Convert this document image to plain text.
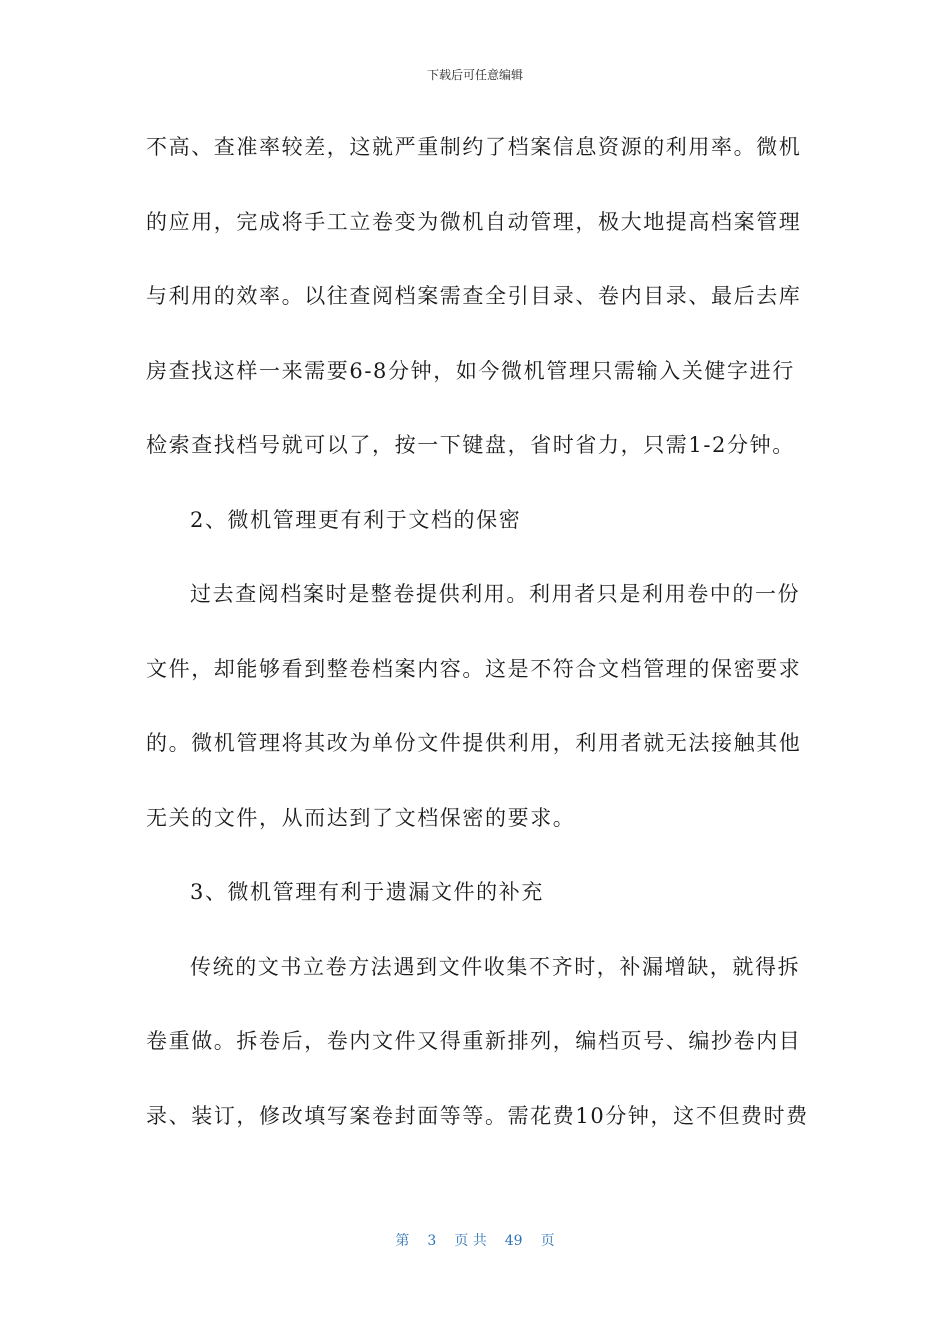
下载后可任意编辑
不高、查准率较差，这就严重制约了档案信息资源的利用率。微机
的应用，完成将手工立卷变为微机自动管理，极大地提高档案管理
与利用的效率。以往查阅档案需查全引目录、卷内目录、最后去库
房查找这样一来需要6-8分钟，如今微机管理只需输入关健字进行
检索查找档号就可以了，按一下键盘，省时省力，只需1-2分钟。
2、微机管理更有利于文档的保密
过去查阅档案时是整卷提供利用。利用者只是利用卷中的一份
文件，却能够看到整卷档案内容。这是不符合文档管理的保密要求
的。微机管理将其改为单份文件提供利用，利用者就无法接触其他
无关的文件，从而达到了文档保密的要求。
3、微机管理有利于遗漏文件的补充
传统的文书立卷方法遇到文件收集不齐时，补漏增缺，就得拆
卷重做。拆卷后，卷内文件又得重新排列，编档页号、编抄卷内目
录、装订，修改填写案卷封面等等。需花费10分钟，这不但费时费
第 3 页 共 49 页
